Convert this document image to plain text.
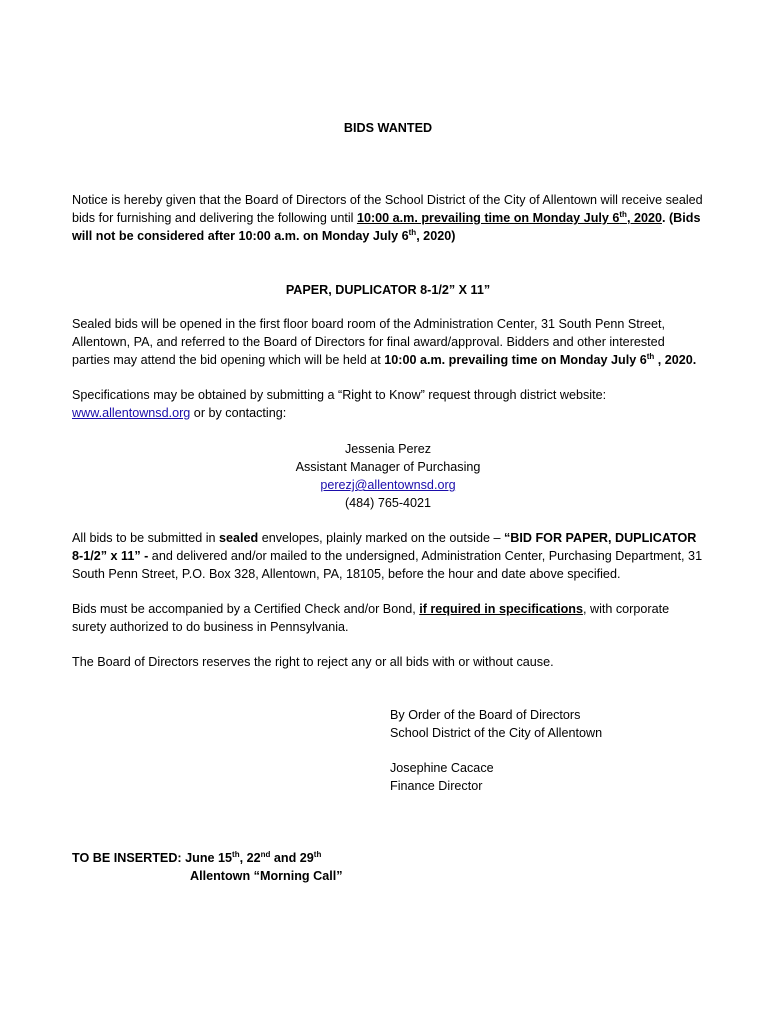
BIDS WANTED
Notice is hereby given that the Board of Directors of the School District of the City of Allentown will receive sealed bids for furnishing and delivering the following until 10:00 a.m. prevailing time on Monday July 6th, 2020. (Bids will not be considered after 10:00 a.m. on Monday July 6th, 2020)
PAPER, DUPLICATOR 8-1/2” X 11”
Sealed bids will be opened in the first floor board room of the Administration Center, 31 South Penn Street, Allentown, PA, and referred to the Board of Directors for final award/approval. Bidders and other interested parties may attend the bid opening which will be held at 10:00 a.m. prevailing time on Monday July 6th , 2020.
Specifications may be obtained by submitting a “Right to Know” request through district website:
www.allentownsd.org or by contacting:
Jessenia Perez
Assistant Manager of Purchasing
perezj@allentownsd.org
(484) 765-4021
All bids to be submitted in sealed envelopes, plainly marked on the outside – “BID FOR PAPER, DUPLICATOR 8-1/2” x 11” - and delivered and/or mailed to the undersigned, Administration Center, Purchasing Department, 31 South Penn Street, P.O. Box 328, Allentown, PA, 18105, before the hour and date above specified.
Bids must be accompanied by a Certified Check and/or Bond, if required in specifications, with corporate surety authorized to do business in Pennsylvania.
The Board of Directors reserves the right to reject any or all bids with or without cause.
By Order of the Board of Directors
School District of the City of Allentown
Josephine Cacace
Finance Director
TO BE INSERTED: June 15th, 22nd and 29th
Allentown “Morning Call”
